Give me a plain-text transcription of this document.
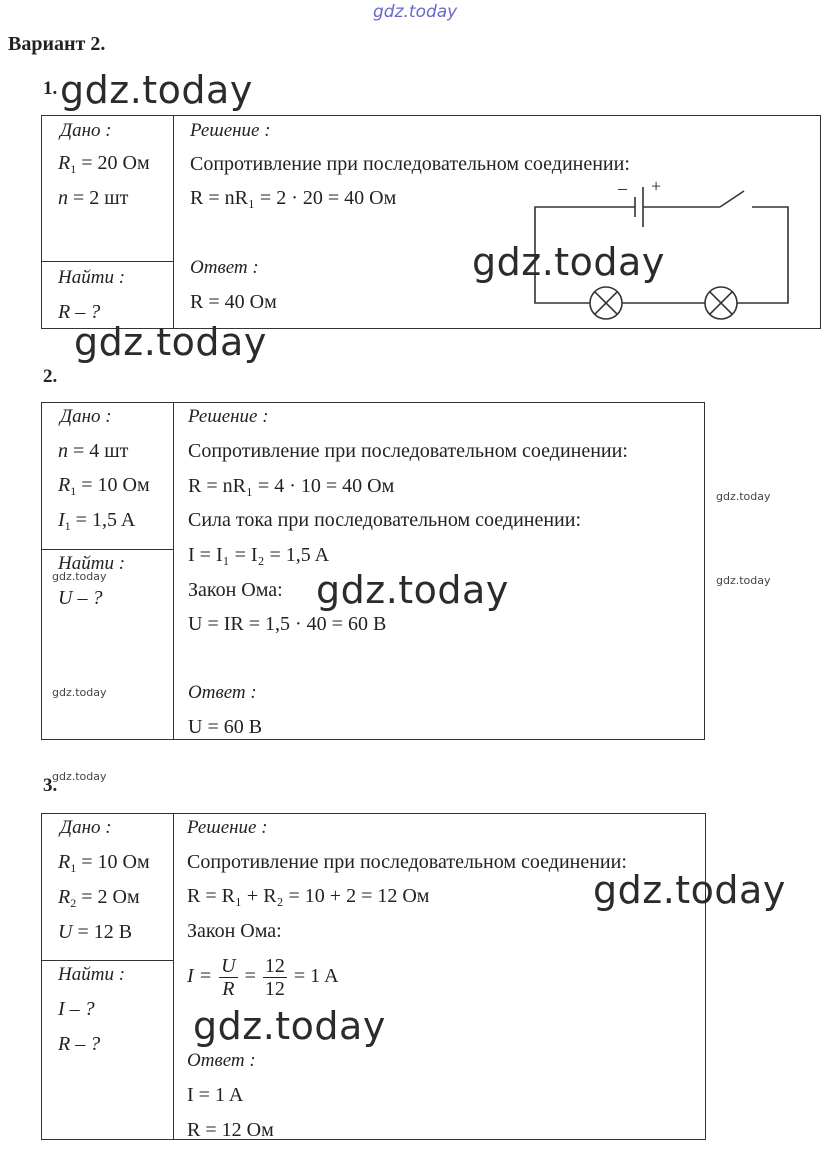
gdz.today
Вариант 2.
1. gdz.today

Дано :
$R_1 = 20$ Ом
n = 2 шт
Найти :
R – ?
Решение :
Сопротивление при последовательном соединении:
R = nR₁ = 2 · 20 = 40 Ом
Ответ :
R = 40 Ом
– +
gdz.today
gdz.today
2.

Дано :
n = 4 шт
$R_1 = 10$ Ом
$I_1 = 1,5$ A
Найти :
U – ?
Решение :
Сопротивление при последовательном соединении:
R = nR₁ = 4 · 10 = 40 Ом
Сила тока при последовательном соединении:
I = I₁ = I₂ = 1,5 A
Закон Ома:
U = IR = 1,5 · 40 = 60 В
Ответ :
U = 60 В
gdz.today
gdz.today
gdz.today
gdz.today
gdz.today
3.
gdz.today

Дано :
$R_1 = 10$ Ом
$R_2 = 2$ Ом
U = 12 В
Найти :
I – ?
R – ?
Решение :
Сопротивление при последовательном соединении:
R = R₁ + R₂ = 10 + 2 = 12 Ом
Закон Ома:
$I = \frac{U}{R} = \frac{12}{12} = 1$ A
Ответ :
I = 1 A
R = 12 Ом
gdz.today
gdz.today
